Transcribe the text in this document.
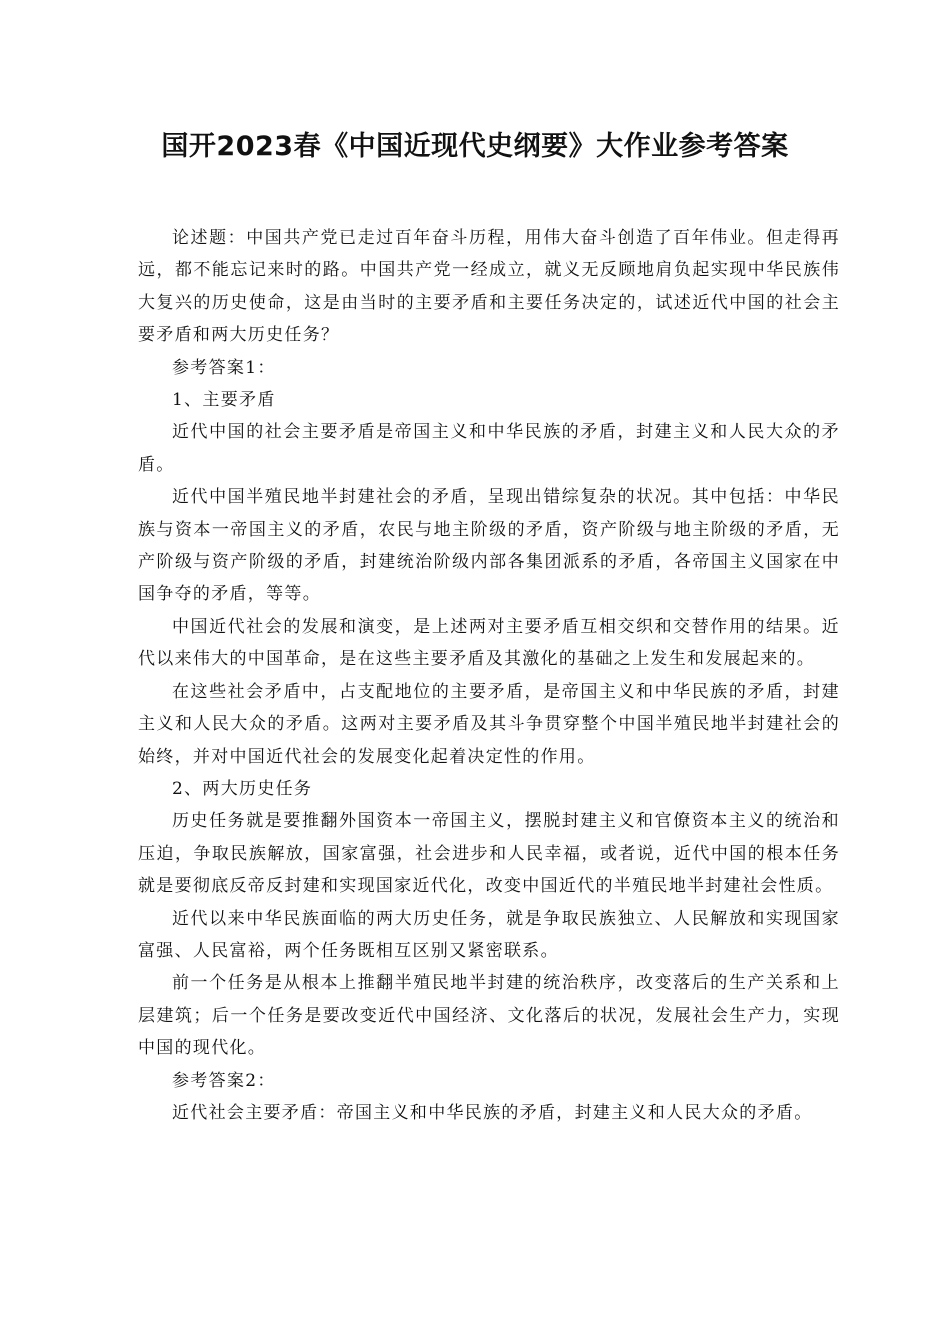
国开2023春《中国近现代史纲要》大作业参考答案

论述题：中国共产党已走过百年奋斗历程，用伟大奋斗创造了百年伟业。但走得再远，都不能忘记来时的路。中国共产党一经成立，就义无反顾地肩负起实现中华民族伟大复兴的历史使命，这是由当时的主要矛盾和主要任务决定的，试述近代中国的社会主要矛盾和两大历史任务？

参考答案1：

1、主要矛盾

近代中国的社会主要矛盾是帝国主义和中华民族的矛盾，封建主义和人民大众的矛盾。

近代中国半殖民地半封建社会的矛盾，呈现出错综复杂的状况。其中包括：中华民族与资本一帝国主义的矛盾，农民与地主阶级的矛盾，资产阶级与地主阶级的矛盾，无产阶级与资产阶级的矛盾，封建统治阶级内部各集团派系的矛盾，各帝国主义国家在中国争夺的矛盾，等等。

中国近代社会的发展和演变，是上述两对主要矛盾互相交织和交替作用的结果。近代以来伟大的中国革命，是在这些主要矛盾及其激化的基础之上发生和发展起来的。

在这些社会矛盾中，占支配地位的主要矛盾，是帝国主义和中华民族的矛盾，封建主义和人民大众的矛盾。这两对主要矛盾及其斗争贯穿整个中国半殖民地半封建社会的始终，并对中国近代社会的发展变化起着决定性的作用。

2、两大历史任务

历史任务就是要推翻外国资本一帝国主义，摆脱封建主义和官僚资本主义的统治和压迫，争取民族解放，国家富强，社会进步和人民幸福，或者说，近代中国的根本任务就是要彻底反帝反封建和实现国家近代化，改变中国近代的半殖民地半封建社会性质。

近代以来中华民族面临的两大历史任务，就是争取民族独立、人民解放和实现国家富强、人民富裕，两个任务既相互区别又紧密联系。

前一个任务是从根本上推翻半殖民地半封建的统治秩序，改变落后的生产关系和上层建筑；后一个任务是要改变近代中国经济、文化落后的状况，发展社会生产力，实现中国的现代化。

参考答案2：

近代社会主要矛盾：帝国主义和中华民族的矛盾，封建主义和人民大众的矛盾。
